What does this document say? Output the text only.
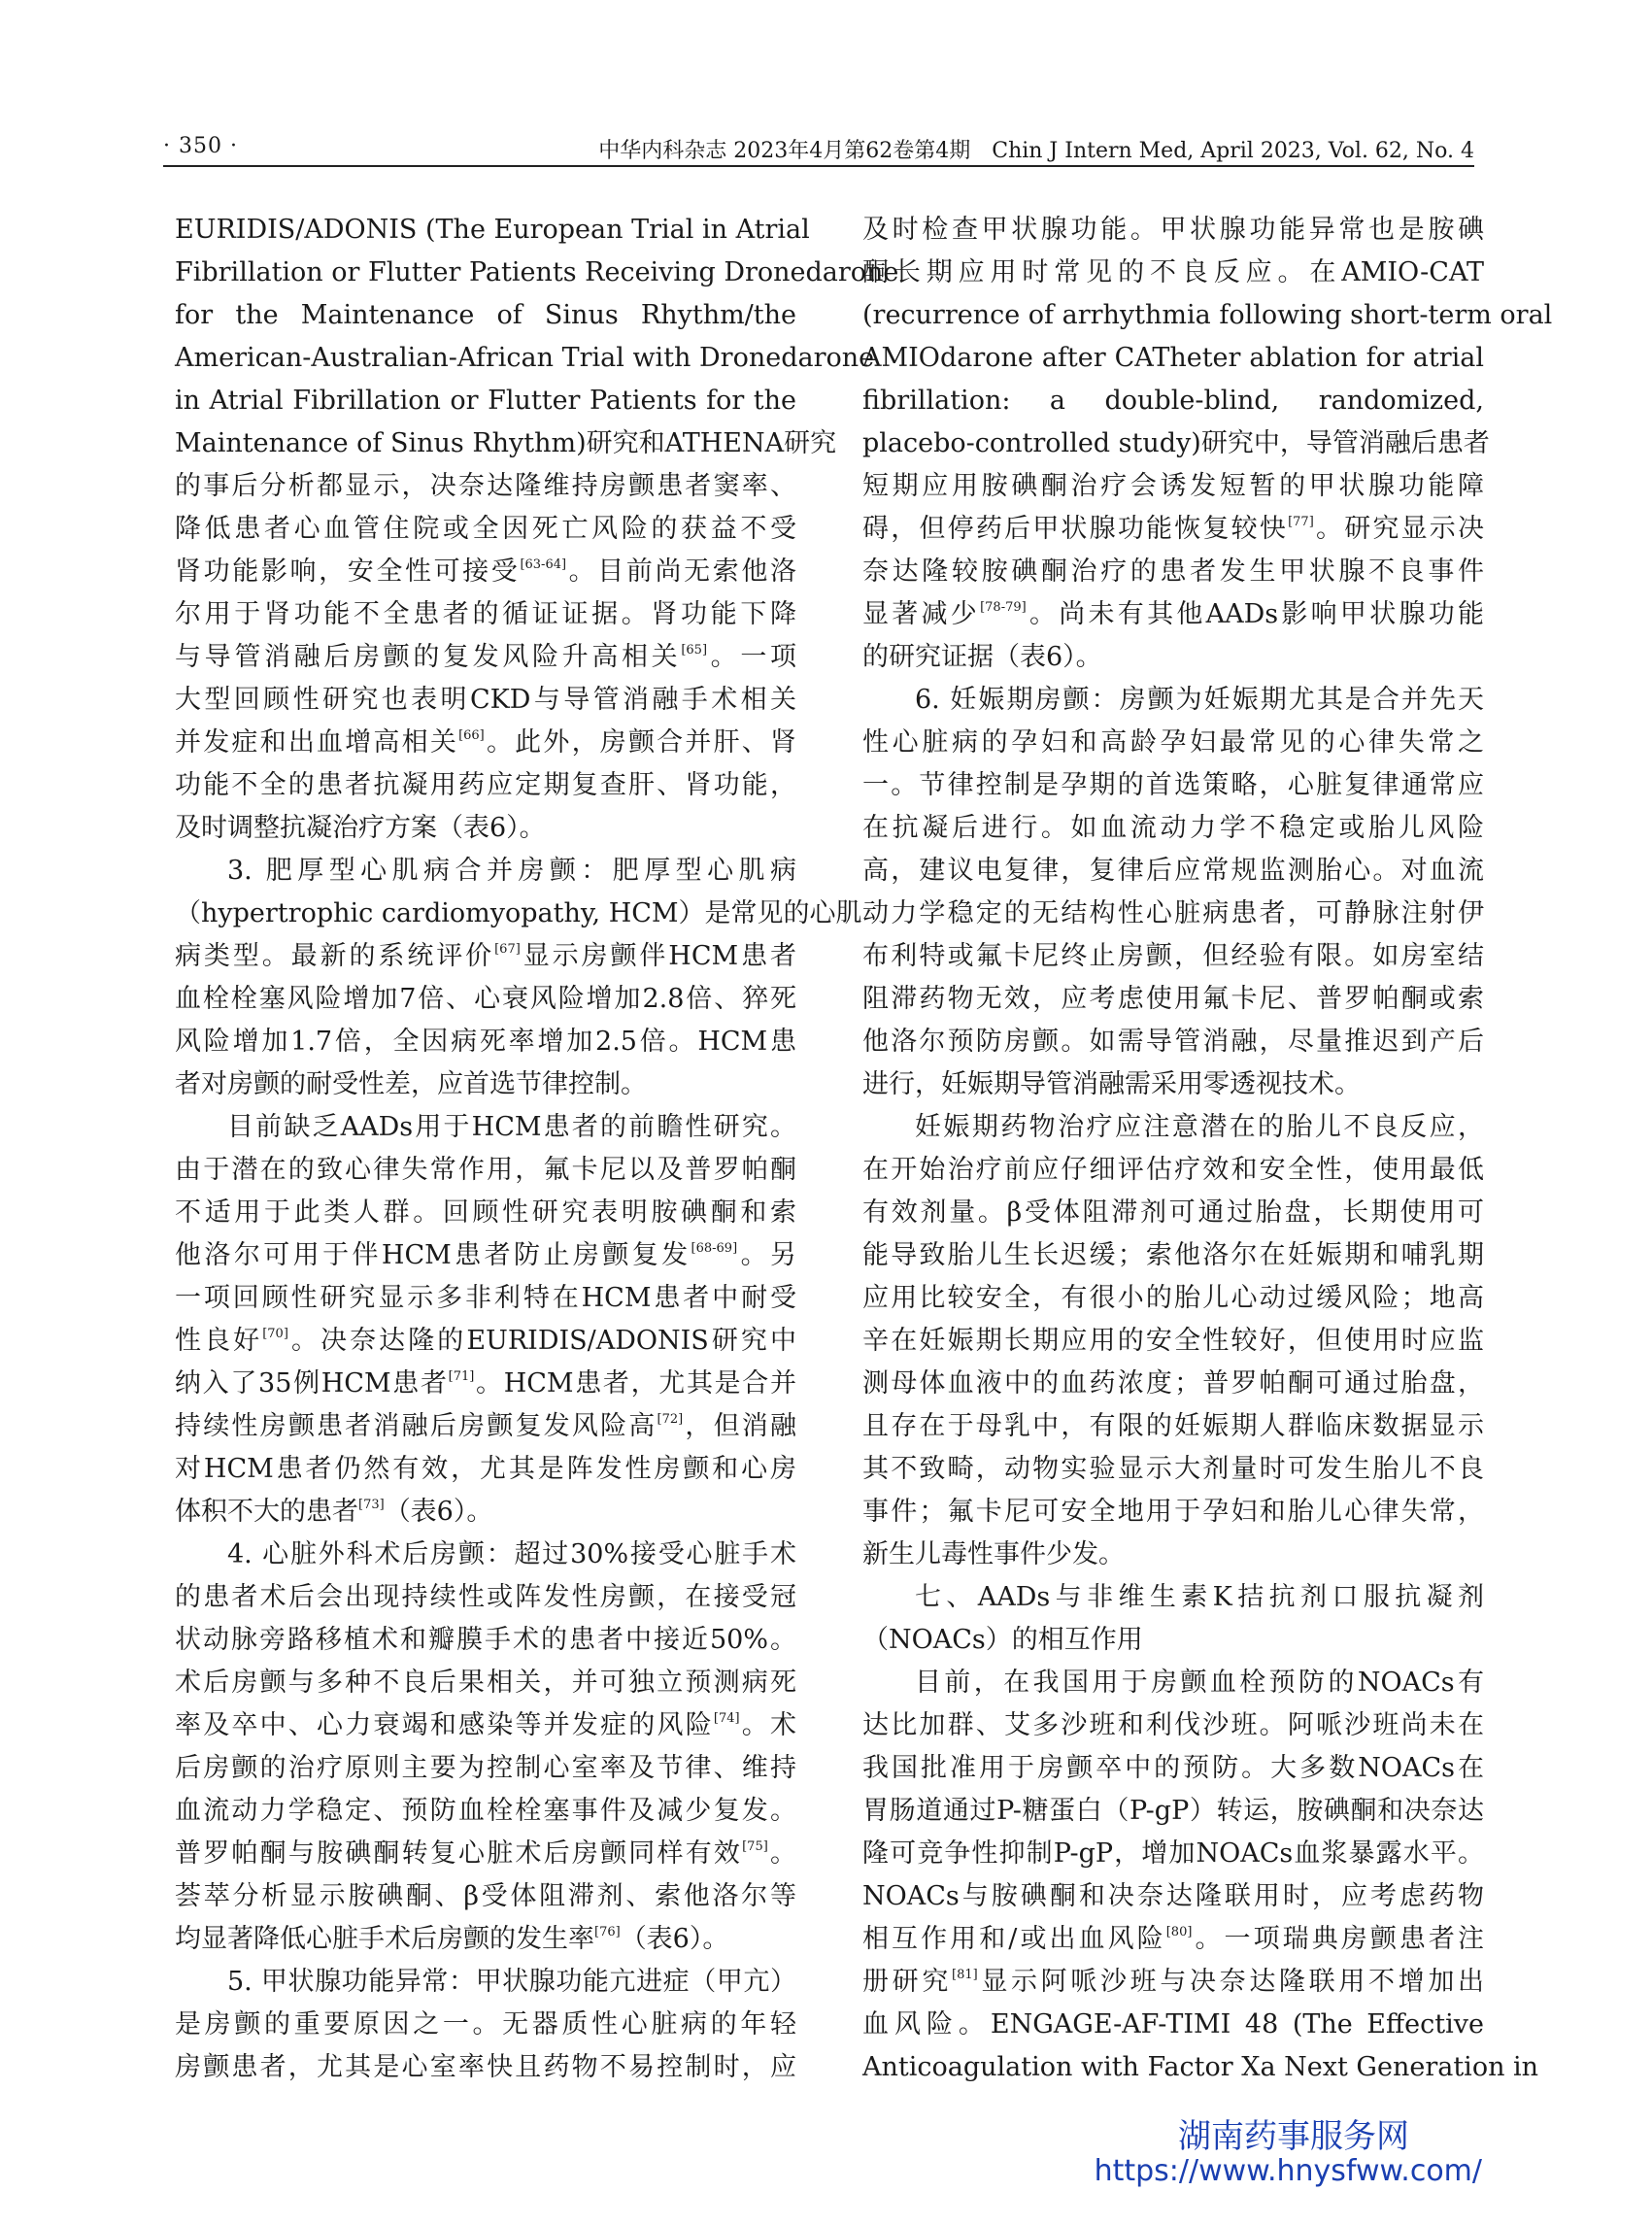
· 350 ·	中华内科杂志 2023年4月第62卷第4期　Chin J Intern Med, April 2023, Vol. 62, No. 4
EURIDIS/ADONIS (The European Trial in Atrial
Fibrillation or Flutter Patients Receiving Dronedarone
for the Maintenance of Sinus Rhythm/the
American-Australian-African Trial with Dronedarone
in Atrial Fibrillation or Flutter Patients for the
Maintenance of Sinus Rhythm)研究和ATHENA研究
的事后分析都显示，决奈达隆维持房颤患者窦率、
降低患者心血管住院或全因死亡风险的获益不受
肾功能影响，安全性可接受[63-64]。目前尚无索他洛
尔用于肾功能不全患者的循证证据。肾功能下降
与导管消融后房颤的复发风险升高相关[65]。一项
大型回顾性研究也表明CKD与导管消融手术相关
并发症和出血增高相关[66]。此外，房颤合并肝、肾
功能不全的患者抗凝用药应定期复查肝、肾功能，
及时调整抗凝治疗方案（表6）。
3. 肥厚型心肌病合并房颤：肥厚型心肌病
（hypertrophic cardiomyopathy, HCM）是常见的心肌
病类型。最新的系统评价[67]显示房颤伴HCM患者
血栓栓塞风险增加7倍、心衰风险增加2.8倍、猝死
风险增加1.7倍，全因病死率增加2.5倍。HCM患
者对房颤的耐受性差，应首选节律控制。
目前缺乏AADs用于HCM患者的前瞻性研究。
由于潜在的致心律失常作用，氟卡尼以及普罗帕酮
不适用于此类人群。回顾性研究表明胺碘酮和索
他洛尔可用于伴HCM患者防止房颤复发[68-69]。另
一项回顾性研究显示多非利特在HCM患者中耐受
性良好[70]。决奈达隆的EURIDIS/ADONIS研究中
纳入了35例HCM患者[71]。HCM患者，尤其是合并
持续性房颤患者消融后房颤复发风险高[72]，但消融
对HCM患者仍然有效，尤其是阵发性房颤和心房
体积不大的患者[73]（表6）。
4. 心脏外科术后房颤：超过30%接受心脏手术
的患者术后会出现持续性或阵发性房颤，在接受冠
状动脉旁路移植术和瓣膜手术的患者中接近50%。
术后房颤与多种不良后果相关，并可独立预测病死
率及卒中、心力衰竭和感染等并发症的风险[74]。术
后房颤的治疗原则主要为控制心室率及节律、维持
血流动力学稳定、预防血栓栓塞事件及减少复发。
普罗帕酮与胺碘酮转复心脏术后房颤同样有效[75]。
荟萃分析显示胺碘酮、β受体阻滞剂、索他洛尔等
均显著降低心脏手术后房颤的发生率[76]（表6）。
5. 甲状腺功能异常：甲状腺功能亢进症（甲亢）
是房颤的重要原因之一。无器质性心脏病的年轻
房颤患者，尤其是心室率快且药物不易控制时，应
及时检查甲状腺功能。甲状腺功能异常也是胺碘
酮长期应用时常见的不良反应。在AMIO-CAT
(recurrence of arrhythmia following short-term oral
AMIOdarone after CATheter ablation for atrial
fibrillation: a double-blind, randomized,
placebo-controlled study)研究中，导管消融后患者
短期应用胺碘酮治疗会诱发短暂的甲状腺功能障
碍，但停药后甲状腺功能恢复较快[77]。研究显示决
奈达隆较胺碘酮治疗的患者发生甲状腺不良事件
显著减少[78-79]。尚未有其他AADs影响甲状腺功能
的研究证据（表6）。
6. 妊娠期房颤：房颤为妊娠期尤其是合并先天
性心脏病的孕妇和高龄孕妇最常见的心律失常之
一。节律控制是孕期的首选策略，心脏复律通常应
在抗凝后进行。如血流动力学不稳定或胎儿风险
高，建议电复律，复律后应常规监测胎心。对血流
动力学稳定的无结构性心脏病患者，可静脉注射伊
布利特或氟卡尼终止房颤，但经验有限。如房室结
阻滞药物无效，应考虑使用氟卡尼、普罗帕酮或索
他洛尔预防房颤。如需导管消融，尽量推迟到产后
进行，妊娠期导管消融需采用零透视技术。
妊娠期药物治疗应注意潜在的胎儿不良反应，
在开始治疗前应仔细评估疗效和安全性，使用最低
有效剂量。β受体阻滞剂可通过胎盘，长期使用可
能导致胎儿生长迟缓；索他洛尔在妊娠期和哺乳期
应用比较安全，有很小的胎儿心动过缓风险；地高
辛在妊娠期长期应用的安全性较好，但使用时应监
测母体血液中的血药浓度；普罗帕酮可通过胎盘，
且存在于母乳中，有限的妊娠期人群临床数据显示
其不致畸，动物实验显示大剂量时可发生胎儿不良
事件；氟卡尼可安全地用于孕妇和胎儿心律失常，
新生儿毒性事件少发。
七、AADs与非维生素K拮抗剂口服抗凝剂
（NOACs）的相互作用
目前，在我国用于房颤血栓预防的NOACs有
达比加群、艾多沙班和利伐沙班。阿哌沙班尚未在
我国批准用于房颤卒中的预防。大多数NOACs在
胃肠道通过P-糖蛋白（P-gP）转运，胺碘酮和决奈达
隆可竞争性抑制P-gP，增加NOACs血浆暴露水平。
NOACs与胺碘酮和决奈达隆联用时，应考虑药物
相互作用和/或出血风险[80]。一项瑞典房颤患者注
册研究[81]显示阿哌沙班与决奈达隆联用不增加出
血风险。ENGAGE-AF-TIMI 48 (The Effective
Anticoagulation with Factor Ⅹa Next Generation in
湖南药事服务网
https://www.hnysfww.com/
